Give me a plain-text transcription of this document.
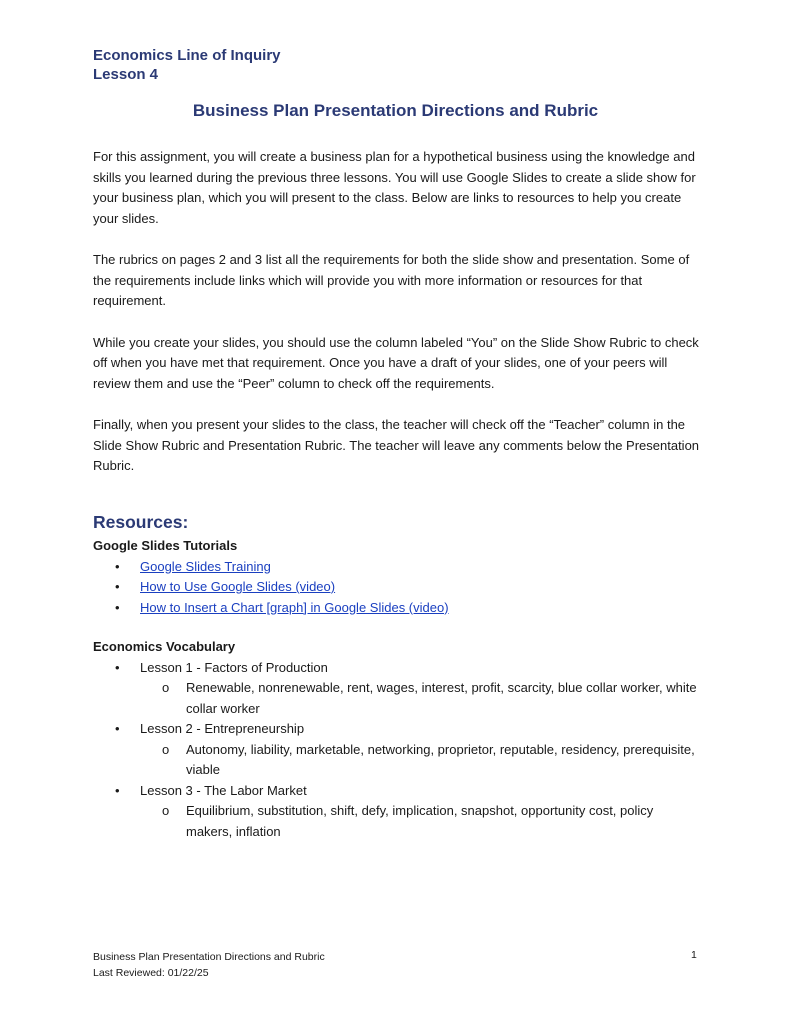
Economics Line of Inquiry
Lesson 4
Business Plan Presentation Directions and Rubric

For this assignment, you will create a business plan for a hypothetical business using the knowledge and skills you learned during the previous three lessons. You will use Google Slides to create a slide show for your business plan, which you will present to the class. Below are links to resources to help you create your slides.

The rubrics on pages 2 and 3 list all the requirements for both the slide show and presentation. Some of the requirements include links which will provide you with more information or resources for that requirement.

While you create your slides, you should use the column labeled “You” on the Slide Show Rubric to check off when you have met that requirement. Once you have a draft of your slides, one of your peers will review them and use the “Peer” column to check off the requirements.

Finally, when you present your slides to the class, the teacher will check off the “Teacher” column in the Slide Show Rubric and Presentation Rubric. The teacher will leave any comments below the Presentation Rubric.

Resources:
Google Slides Tutorials
• Google Slides Training
• How to Use Google Slides (video)
• How to Insert a Chart [graph] in Google Slides (video)
Economics Vocabulary
• Lesson 1 - Factors of Production
o Renewable, nonrenewable, rent, wages, interest, profit, scarcity, blue collar worker, white collar worker
• Lesson 2 - Entrepreneurship
o Autonomy, liability, marketable, networking, proprietor, reputable, residency, prerequisite, viable
• Lesson 3 - The Labor Market
o Equilibrium, substitution, shift, defy, implication, snapshot, opportunity cost, policy makers, inflation
Business Plan Presentation Directions and Rubric
Last Reviewed: 01/22/25
1
